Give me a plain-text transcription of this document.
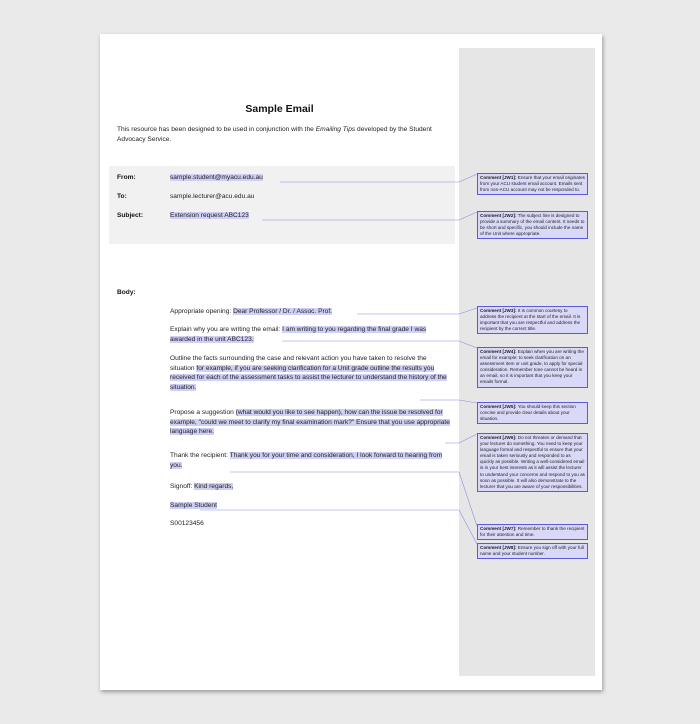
Sample Email
This resource has been designed to be used in conjunction with the Emailing Tips developed by the Student Advocacy Service.
From:	sample.student@myacu.edu.au
To:	sample.lecturer@acu.edu.au
Subject:	Extension request ABC123
Body:
Appropriate opening: Dear Professor / Dr. / Assoc. Prof.
Explain why you are writing the email: I am writing to you regarding the final grade I was awarded in the unit ABC123.
Outline the facts surrounding the case and relevant action you have taken to resolve the situation for example, if you are seeking clarification for a Unit grade outline the results you received for each of the assessment tasks to assist the lecturer to understand the history of the situation.
Propose a suggestion (what would you like to see happen), how can the issue be resolved for example, "could we meet to clarify my final examination mark?" Ensure that you use appropriate language here.
Thank the recipient: Thank you for your time and consideration, I look forward to hearing from you.
Signoff: Kind regards,
Sample Student
S00123456
Comment [JW1]: Ensure that your email originates from your ACU student email account. Emails sent from non-ACU account may not be responded to.
Comment [JW2]: The subject line is designed to provide a summary of the email content. It needs to be short and specific, you should include the name of the Unit where appropriate.
Comment [JW3]: It is common courtesy to address the recipient at the start of the email. It is important that you are respectful and address the recipient by the correct title.
Comment [JW4]: Explain when you are writing the email for example: to seek clarification on an assessment item or unit grade, to apply for special consideration. Remember tone cannot be heard in an email, so it is important that you keep your emails formal.
Comment [JW5]: You should keep this section concise and provide clear details about your situation.
Comment [JW6]: Do not threaten or demand that your lecturer do something. You need to keep your language formal and respectful to ensure that your email is taken seriously and responded to as quickly as possible. Writing a well-considered email is in your best interests as it will assist the lecturer to understand your concerns and respond to you as soon as possible. It will also demonstrate to the lecturer that you are aware of your responsibilities.
Comment [JW7]: Remember to thank the recipient for their attention and time.
Comment [JW8]: Ensure you sign off with your full name and your student number.
